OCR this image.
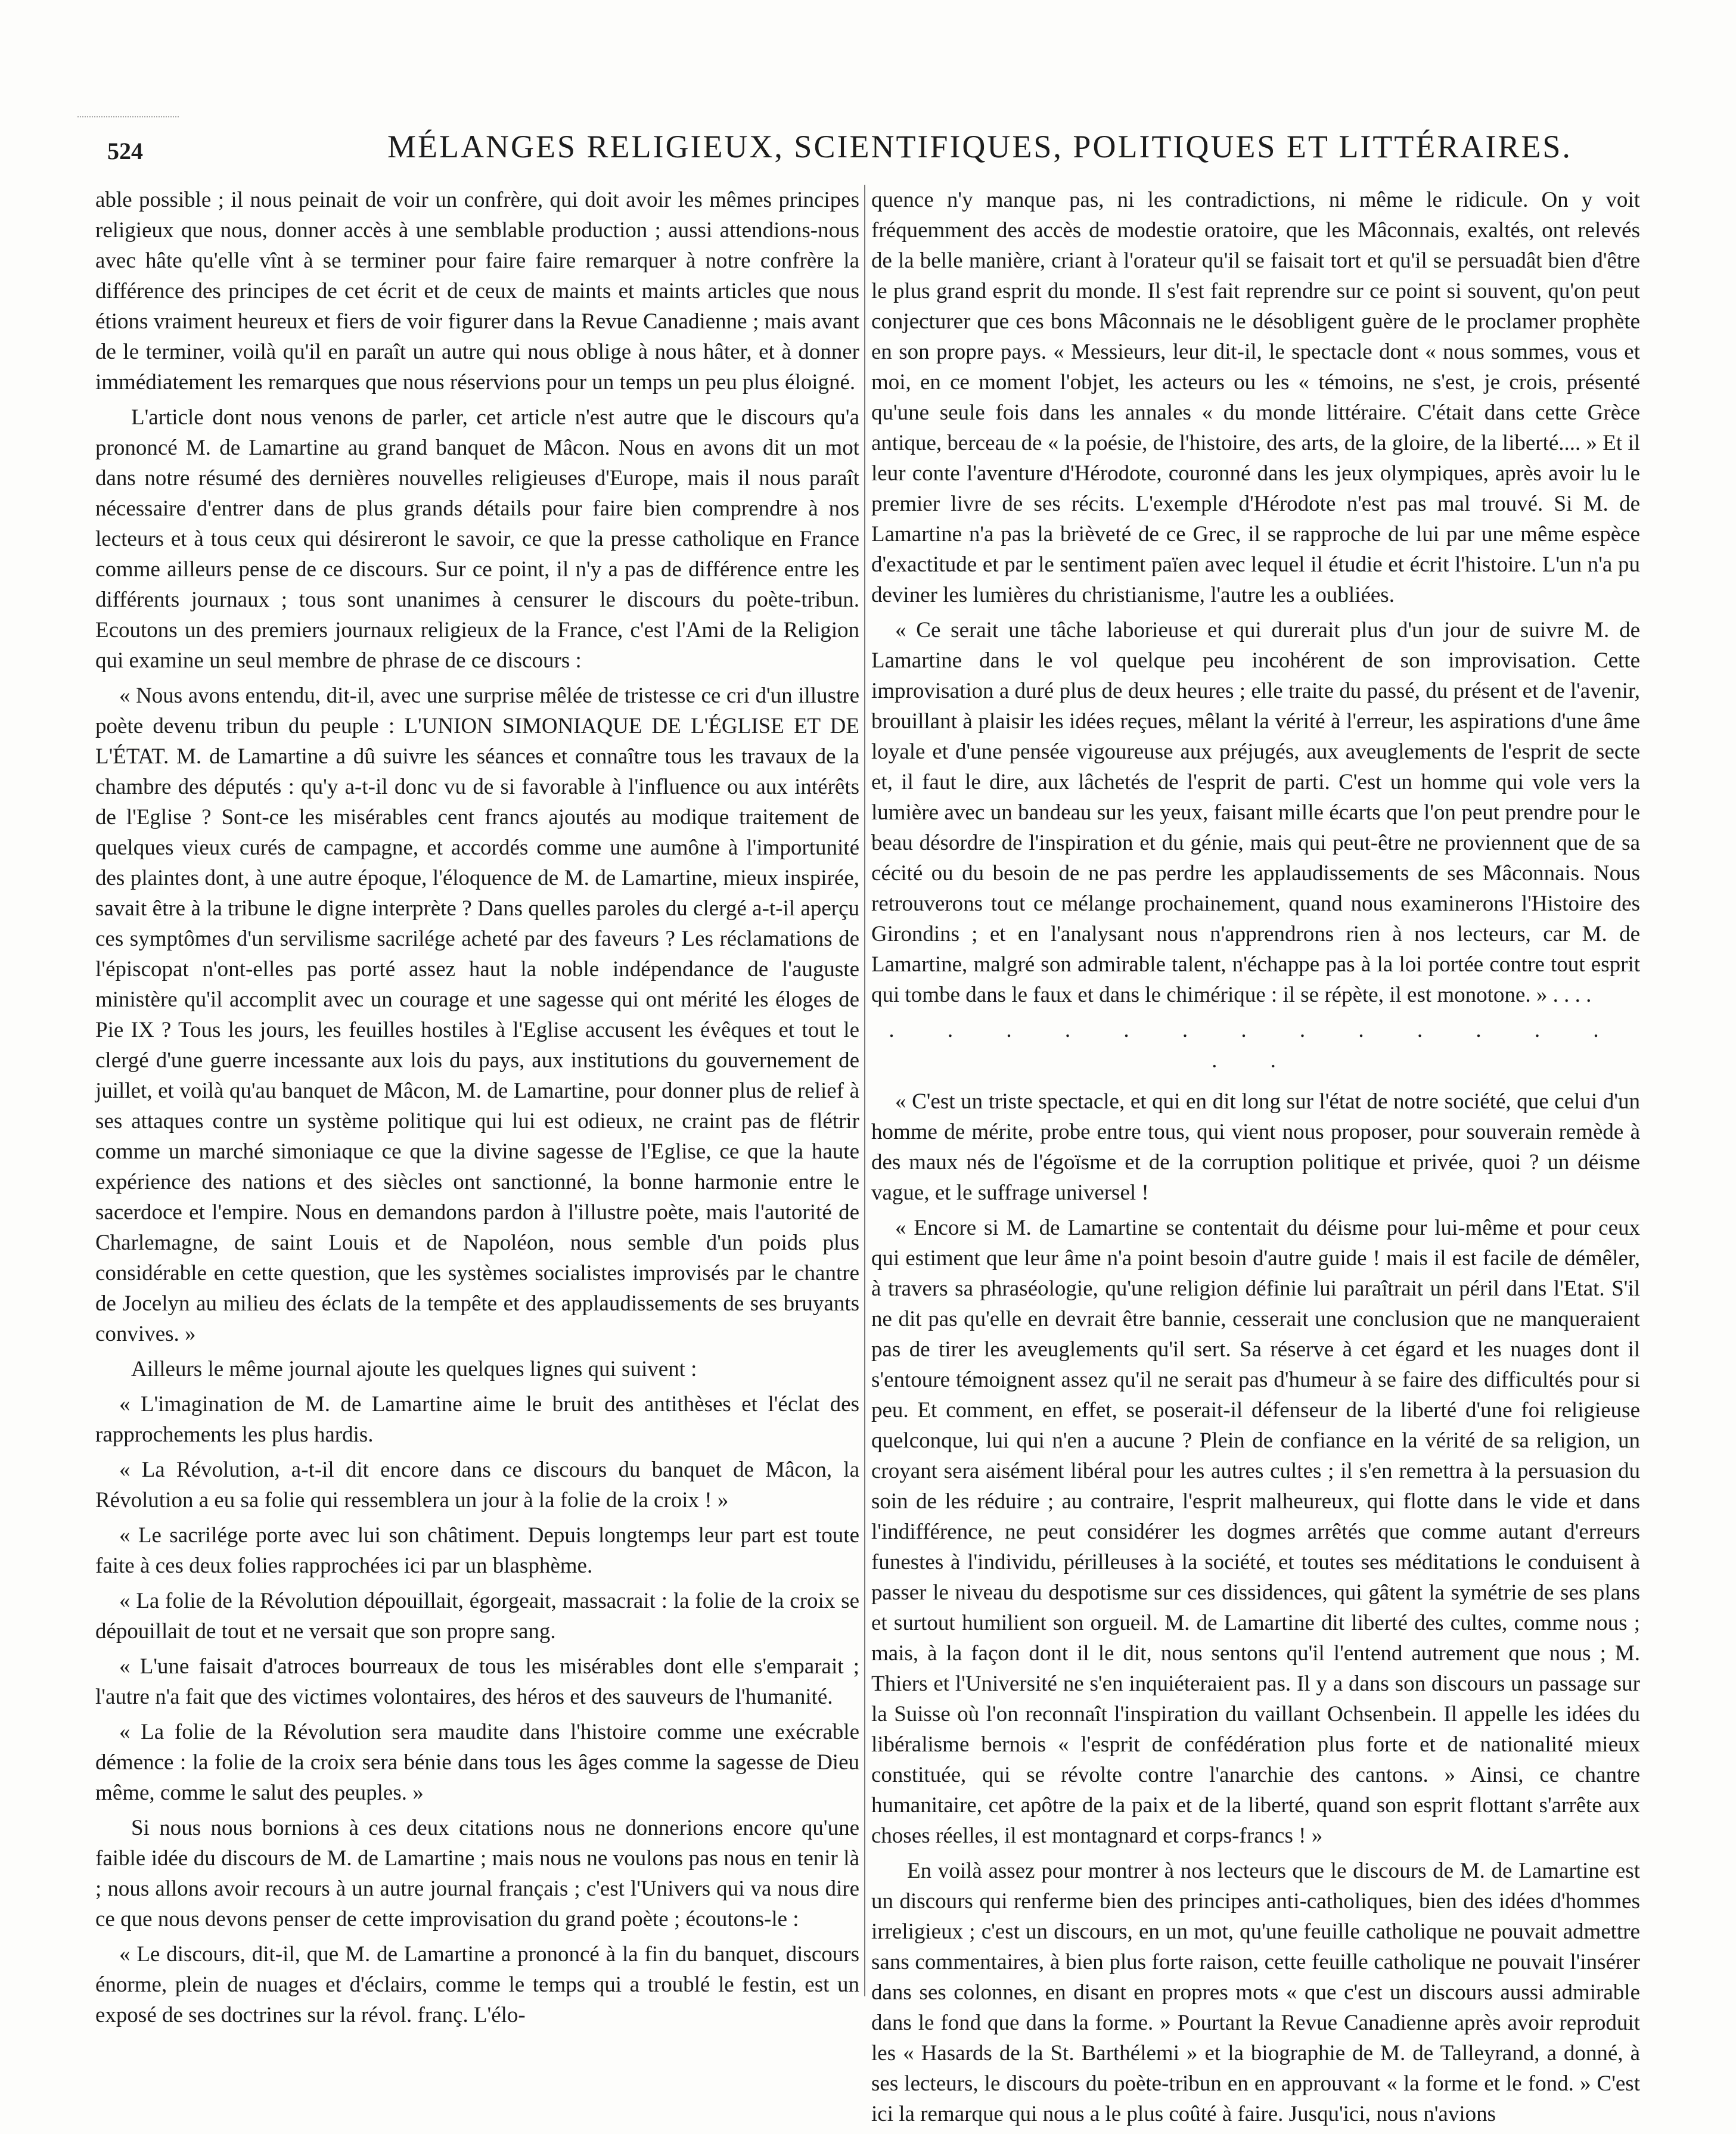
524	MÉLANGES RELIGIEUX, SCIENTIFIQUES, POLITIQUES ET LITTÉRAIRES.

able possible ; il nous peinait de voir un confrère, qui doit avoir les mêmes principes religieux que nous, donner accès à une semblable production ; aussi attendions-nous avec hâte qu'elle vînt à se terminer pour faire faire remarquer à notre confrère la différence des principes de cet écrit et de ceux de maints et maints articles que nous étions vraiment heureux et fiers de voir figurer dans la Revue Canadienne ; mais avant de le terminer, voilà qu'il en paraît un autre qui nous oblige à nous hâter, et à donner immédiatement les remarques que nous réservions pour un temps un peu plus éloigné.

L'article dont nous venons de parler, cet article n'est autre que le discours qu'a prononcé M. de Lamartine au grand banquet de Mâcon. Nous en avons dit un mot dans notre résumé des dernières nouvelles religieuses d'Europe, mais il nous paraît nécessaire d'entrer dans de plus grands détails pour faire bien comprendre à nos lecteurs et à tous ceux qui désireront le savoir, ce que la presse catholique en France comme ailleurs pense de ce discours. Sur ce point, il n'y a pas de différence entre les différents journaux ; tous sont unanimes à censurer le discours du poète-tribun. Ecoutons un des premiers journaux religieux de la France, c'est l'Ami de la Religion qui examine un seul membre de phrase de ce discours :

« Nous avons entendu, dit-il, avec une surprise mêlée de tristesse ce cri d'un illustre poète devenu tribun du peuple : L'UNION SIMONIAQUE DE L'ÉGLISE ET DE L'ÉTAT. M. de Lamartine a dû suivre les séances et connaître tous les travaux de la chambre des députés : qu'y a-t-il donc vu de si favorable à l'influence ou aux intérêts de l'Eglise ? Sont-ce les misérables cent francs ajoutés au modique traitement de quelques vieux curés de campagne, et accordés comme une aumône à l'importunité des plaintes dont, à une autre époque, l'éloquence de M. de Lamartine, mieux inspirée, savait être à la tribune le digne interprète ? Dans quelles paroles du clergé a-t-il aperçu ces symptômes d'un servilisme sacrilége acheté par des faveurs ? Les réclamations de l'épiscopat n'ont-elles pas porté assez haut la noble indépendance de l'auguste ministère qu'il accomplit avec un courage et une sagesse qui ont mérité les éloges de Pie IX ? Tous les jours, les feuilles hostiles à l'Eglise accusent les évêques et tout le clergé d'une guerre incessante aux lois du pays, aux institutions du gouvernement de juillet, et voilà qu'au banquet de Mâcon, M. de Lamartine, pour donner plus de relief à ses attaques contre un système politique qui lui est odieux, ne craint pas de flétrir comme un marché simoniaque ce que la divine sagesse de l'Eglise, ce que la haute expérience des nations et des siècles ont sanctionné, la bonne harmonie entre le sacerdoce et l'empire. Nous en demandons pardon à l'illustre poète, mais l'autorité de Charlemagne, de saint Louis et de Napoléon, nous semble d'un poids plus considérable en cette question, que les systèmes socialistes improvisés par le chantre de Jocelyn au milieu des éclats de la tempête et des applaudissements de ses bruyants convives. »

Ailleurs le même journal ajoute les quelques lignes qui suivent :

« L'imagination de M. de Lamartine aime le bruit des antithèses et l'éclat des rapprochements les plus hardis.

« La Révolution, a-t-il dit encore dans ce discours du banquet de Mâcon, la Révolution a eu sa folie qui ressemblera un jour à la folie de la croix ! »

« Le sacrilége porte avec lui son châtiment. Depuis longtemps leur part est toute faite à ces deux folies rapprochées ici par un blasphème.

« La folie de la Révolution dépouillait, égorgeait, massacrait : la folie de la croix se dépouillait de tout et ne versait que son propre sang.

« L'une faisait d'atroces bourreaux de tous les misérables dont elle s'emparait ; l'autre n'a fait que des victimes volontaires, des héros et des sauveurs de l'humanité.

« La folie de la Révolution sera maudite dans l'histoire comme une exécrable démence : la folie de la croix sera bénie dans tous les âges comme la sagesse de Dieu même, comme le salut des peuples. »

Si nous nous bornions à ces deux citations nous ne donnerions encore qu'une faible idée du discours de M. de Lamartine ; mais nous ne voulons pas nous en tenir là ; nous allons avoir recours à un autre journal français ; c'est l'Univers qui va nous dire ce que nous devons penser de cette improvisation du grand poète ; écoutons-le :

« Le discours, dit-il, que M. de Lamartine a prononcé à la fin du banquet, discours énorme, plein de nuages et d'éclairs, comme le temps qui a troublé le festin, est un exposé de ses doctrines sur la révol. franç. L'élo-

quence n'y manque pas, ni les contradictions, ni même le ridicule. On y voit fréquemment des accès de modestie oratoire, que les Mâconnais, exaltés, ont relevés de la belle manière, criant à l'orateur qu'il se faisait tort et qu'il se persuadât bien d'être le plus grand esprit du monde. Il s'est fait reprendre sur ce point si souvent, qu'on peut conjecturer que ces bons Mâconnais ne le désobligent guère de le proclamer prophète en son propre pays. « Messieurs, leur dit-il, le spectacle dont « nous sommes, vous et moi, en ce moment l'objet, les acteurs ou les « témoins, ne s'est, je crois, présenté qu'une seule fois dans les annales « du monde littéraire. C'était dans cette Grèce antique, berceau de « la poésie, de l'histoire, des arts, de la gloire, de la liberté.... » Et il leur conte l'aventure d'Hérodote, couronné dans les jeux olympiques, après avoir lu le premier livre de ses récits. L'exemple d'Hérodote n'est pas mal trouvé. Si M. de Lamartine n'a pas la brièveté de ce Grec, il se rapproche de lui par une même espèce d'exactitude et par le sentiment païen avec lequel il étudie et écrit l'histoire. L'un n'a pu deviner les lumières du christianisme, l'autre les a oubliées.

« Ce serait une tâche laborieuse et qui durerait plus d'un jour de suivre M. de Lamartine dans le vol quelque peu incohérent de son improvisation. Cette improvisation a duré plus de deux heures ; elle traite du passé, du présent et de l'avenir, brouillant à plaisir les idées reçues, mêlant la vérité à l'erreur, les aspirations d'une âme loyale et d'une pensée vigoureuse aux préjugés, aux aveuglements de l'esprit de secte et, il faut le dire, aux lâchetés de l'esprit de parti. C'est un homme qui vole vers la lumière avec un bandeau sur les yeux, faisant mille écarts que l'on peut prendre pour le beau désordre de l'inspiration et du génie, mais qui peut-être ne proviennent que de sa cécité ou du besoin de ne pas perdre les applaudissements de ses Mâconnais. Nous retrouverons tout ce mélange prochainement, quand nous examinerons l'Histoire des Girondins ; et en l'analysant nous n'apprendrons rien à nos lecteurs, car M. de Lamartine, malgré son admirable talent, n'échappe pas à la loi portée contre tout esprit qui tombe dans le faux et dans le chimérique : il se répète, il est monotone. » . . . .

. . . . . . . . . . . . . . .

« C'est un triste spectacle, et qui en dit long sur l'état de notre société, que celui d'un homme de mérite, probe entre tous, qui vient nous proposer, pour souverain remède à des maux nés de l'égoïsme et de la corruption politique et privée, quoi ? un déisme vague, et le suffrage universel !

« Encore si M. de Lamartine se contentait du déisme pour lui-même et pour ceux qui estiment que leur âme n'a point besoin d'autre guide ! mais il est facile de démêler, à travers sa phraséologie, qu'une religion définie lui paraîtrait un péril dans l'Etat. S'il ne dit pas qu'elle en devrait être bannie, cesserait une conclusion que ne manqueraient pas de tirer les aveuglements qu'il sert. Sa réserve à cet égard et les nuages dont il s'entoure témoignent assez qu'il ne serait pas d'humeur à se faire des difficultés pour si peu. Et comment, en effet, se poserait-il défenseur de la liberté d'une foi religieuse quelconque, lui qui n'en a aucune ? Plein de confiance en la vérité de sa religion, un croyant sera aisément libéral pour les autres cultes ; il s'en remettra à la persuasion du soin de les réduire ; au contraire, l'esprit malheureux, qui flotte dans le vide et dans l'indifférence, ne peut considérer les dogmes arrêtés que comme autant d'erreurs funestes à l'individu, périlleuses à la société, et toutes ses méditations le conduisent à passer le niveau du despotisme sur ces dissidences, qui gâtent la symétrie de ses plans et surtout humilient son orgueil. M. de Lamartine dit liberté des cultes, comme nous ; mais, à la façon dont il le dit, nous sentons qu'il l'entend autrement que nous ; M. Thiers et l'Université ne s'en inquiéteraient pas. Il y a dans son discours un passage sur la Suisse où l'on reconnaît l'inspiration du vaillant Ochsenbein. Il appelle les idées du libéralisme bernois « l'esprit de confédération plus forte et de nationalité mieux constituée, qui se révolte contre l'anarchie des cantons. » Ainsi, ce chantre humanitaire, cet apôtre de la paix et de la liberté, quand son esprit flottant s'arrête aux choses réelles, il est montagnard et corps-francs ! »

En voilà assez pour montrer à nos lecteurs que le discours de M. de Lamartine est un discours qui renferme bien des principes anti-catholiques, bien des idées d'hommes irreligieux ; c'est un discours, en un mot, qu'une feuille catholique ne pouvait admettre sans commentaires, à bien plus forte raison, cette feuille catholique ne pouvait l'insérer dans ses colonnes, en disant en propres mots « que c'est un discours aussi admirable dans le fond que dans la forme. » Pourtant la Revue Canadienne après avoir reproduit les « Hasards de la St. Barthélemi » et la biographie de M. de Talleyrand, a donné, à ses lecteurs, le discours du poète-tribun en en approuvant « la forme et le fond. » C'est ici la remarque qui nous a le plus coûté à faire. Jusqu'ici, nous n'avions
